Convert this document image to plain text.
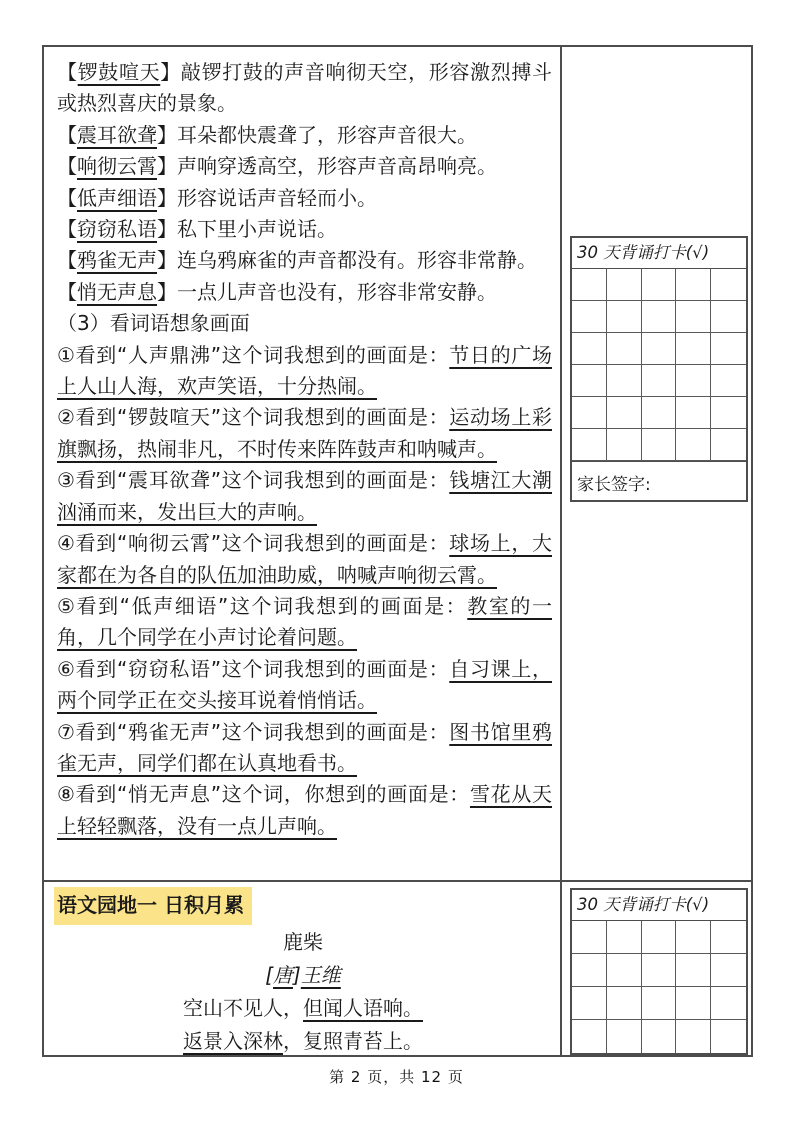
【锣鼓喧天】敲锣打鼓的声音响彻天空，形容激烈搏斗或热烈喜庆的景象。

【震耳欲聋】耳朵都快震聋了，形容声音很大。

【响彻云霄】声响穿透高空，形容声音高昂响亮。

【低声细语】形容说话声音轻而小。

【窃窃私语】私下里小声说话。

【鸦雀无声】连乌鸦麻雀的声音都没有。形容非常静。

【悄无声息】一点儿声音也没有，形容非常安静。

（3）看词语想象画面

①看到“人声鼎沸”这个词我想到的画面是：节日的广场上人山人海，欢声笑语，十分热闹。

②看到“锣鼓喧天”这个词我想到的画面是：运动场上彩旗飘扬，热闹非凡，不时传来阵阵鼓声和呐喊声。

③看到“震耳欲聋”这个词我想到的画面是：钱塘江大潮汹涌而来，发出巨大的声响。

④看到“响彻云霄”这个词我想到的画面是：球场上，大家都在为各自的队伍加油助威，呐喊声响彻云霄。

⑤看到“低声细语”这个词我想到的画面是：教室的一角，几个同学在小声讨论着问题。

⑥看到“窃窃私语”这个词我想到的画面是：自习课上，两个同学正在交头接耳说着悄悄话。

⑦看到“鸦雀无声”这个词我想到的画面是：图书馆里鸦雀无声，同学们都在认真地看书。

⑧看到“悄无声息”这个词，你想到的画面是：雪花从天上轻轻飘落，没有一点儿声响。

30 天背诵打卡(√)
家长签字:

语文园地一 日积月累

鹿柴

[唐]王维

空山不见人，但闻人语响。

返景入深林，复照青苔上。

30 天背诵打卡(√)
第 2 页，共 12 页
